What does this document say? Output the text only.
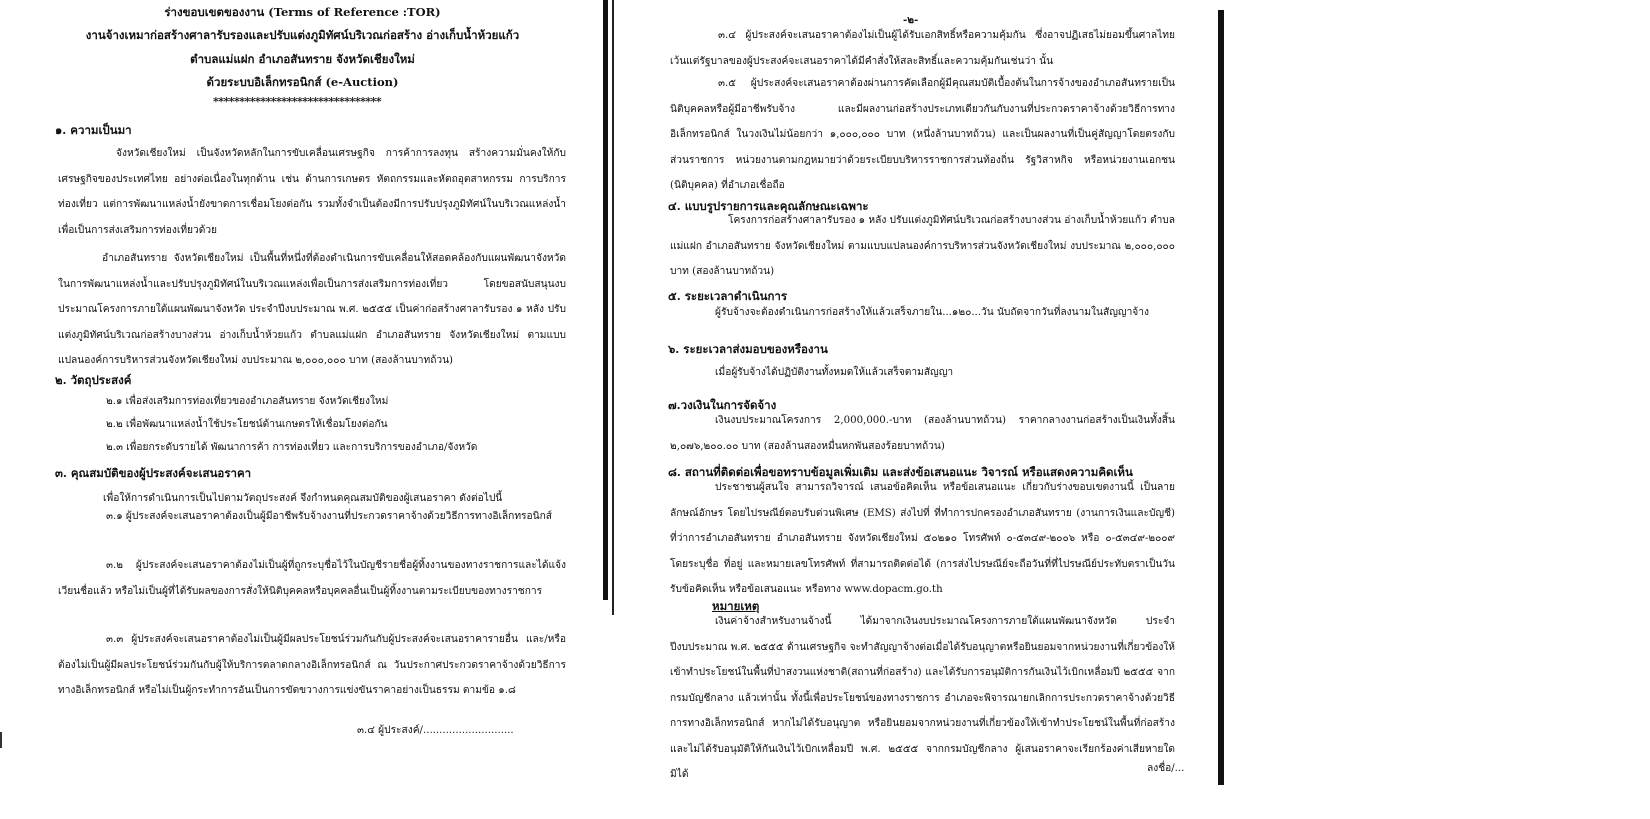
ร่างขอบเขตของงาน (Terms of Reference :TOR)
งานจ้างเหมาก่อสร้างศาลารับรองและปรับแต่งภูมิทัศน์บริเวณก่อสร้าง อ่างเก็บน้ำห้วยแก้ว
ตำบลแม่แฝก อำเภอสันทราย จังหวัดเชียงใหม่
ด้วยระบบอิเล็กทรอนิกส์ (e-Auction)
********************************
๑. ความเป็นมา
จังหวัดเชียงใหม่ เป็นจังหวัดหลักในการขับเคลื่อนเศรษฐกิจ การค้าการลงทุน สร้างความมั่นคงให้กับเศรษฐกิจของประเทศไทย อย่างต่อเนื่องในทุกด้าน เช่น ด้านการเกษตร หัตถกรรมและหัตถอุตสาหกรรม การบริการท่องเที่ยว แต่การพัฒนาแหล่งน้ำยังขาดการเชื่อมโยงต่อกัน รวมทั้งจำเป็นต้องมีการปรับปรุงภูมิทัศน์ในบริเวณแหล่งน้ำเพื่อเป็นการส่งเสริมการท่องเที่ยวด้วย
อำเภอสันทราย จังหวัดเชียงใหม่ เป็นพื้นที่หนึ่งที่ต้องดำเนินการขับเคลื่อนให้สอดคล้องกับแผนพัฒนาจังหวัด ในการพัฒนาแหล่งน้ำและปรับปรุงภูมิทัศน์ในบริเวณแหล่งเพื่อเป็นการส่งเสริมการท่องเที่ยว โดยขอสนับสนุนงบประมาณโครงการภายใต้แผนพัฒนาจังหวัด ประจำปีงบประมาณ พ.ศ. ๒๕๕๕ เป็นค่าก่อสร้างศาลารับรอง ๑ หลัง ปรับแต่งภูมิทัศน์บริเวณก่อสร้างบางส่วน อ่างเก็บน้ำห้วยแก้ว ตำบลแม่แฝก อำเภอสันทราย จังหวัดเชียงใหม่ ตามแบบแปลนองค์การบริหารส่วนจังหวัดเชียงใหม่ งบประมาณ ๒,๐๐๐,๐๐๐ บาท (สองล้านบาทถ้วน)
๒. วัตถุประสงค์
๒.๑ เพื่อส่งเสริมการท่องเที่ยวของอำเภอสันทราย จังหวัดเชียงใหม่
๒.๒ เพื่อพัฒนาแหล่งน้ำใช้ประโยชน์ด้านเกษตรให้เชื่อมโยงต่อกัน
๒.๓ เพื่อยกระดับรายได้ พัฒนาการค้า การท่องเที่ยว และการบริการของอำเภอ/จังหวัด
๓. คุณสมบัติของผู้ประสงค์จะเสนอราคา
เพื่อให้การดำเนินการเป็นไปตามวัตถุประสงค์ จึงกำหนดคุณสมบัติของผู้เสนอราคา ดังต่อไปนี้
๓.๑ ผู้ประสงค์จะเสนอราคาต้องเป็นผู้มีอาชีพรับจ้างงานที่ประกวดราคาจ้างด้วยวิธีการทางอิเล็กทรอนิกส์
๓.๒ ผู้ประสงค์จะเสนอราคาต้องไม่เป็นผู้ที่ถูกระบุชื่อไว้ในบัญชีรายชื่อผู้ทิ้งงานของทางราชการและได้แจ้งเวียนชื่อแล้ว หรือไม่เป็นผู้ที่ได้รับผลของการสั่งให้นิติบุคคลหรือบุคคลอื่นเป็นผู้ทิ้งงานตามระเบียบของทางราชการ
๓.๓ ผู้ประสงค์จะเสนอราคาต้องไม่เป็นผู้มีผลประโยชน์ร่วมกันกับผู้ประสงค์จะเสนอราคารายอื่น และ/หรือต้องไม่เป็นผู้มีผลประโยชน์ร่วมกันกับผู้ให้บริการตลาดกลางอิเล็กทรอนิกส์ ณ วันประกาศประกวดราคาจ้างด้วยวิธีการทางอิเล็กทรอนิกส์ หรือไม่เป็นผู้กระทำการอันเป็นการขัดขวางการแข่งขันราคาอย่างเป็นธรรม ตามข้อ ๑.๘
๓.๔ ผู้ประสงค์/............................
-๒-
๓.๔ ผู้ประสงค์จะเสนอราคาต้องไม่เป็นผู้ได้รับเอกสิทธิ์หรือความคุ้มกัน ซึ่งอาจปฏิเสธไม่ยอมขึ้นศาลไทยเว้นแต่รัฐบาลของผู้ประสงค์จะเสนอราคาได้มีคำสั่งให้สละสิทธิ์และความคุ้มกันเช่นว่า นั้น
๓.๕ ผู้ประสงค์จะเสนอราคาต้องผ่านการคัดเลือกผู้มีคุณสมบัติเบื้องต้นในการจ้างของอำเภอสันทรายเป็นนิติบุคคลหรือผู้มีอาชีพรับจ้าง และมีผลงานก่อสร้างประเภทเดียวกันกับงานที่ประกวดราคาจ้างด้วยวิธีการทางอิเล็กทรอนิกส์ ในวงเงินไม่น้อยกว่า ๑,๐๐๐,๐๐๐ บาท (หนึ่งล้านบาทถ้วน) และเป็นผลงานที่เป็นคู่สัญญาโดยตรงกับส่วนราชการ หน่วยงานตามกฎหมายว่าด้วยระเบียบบริหารราชการส่วนท้องถิ่น รัฐวิสาหกิจ หรือหน่วยงานเอกชน (นิติบุคคล) ที่อำเภอเชื่อถือ
๔. แบบรูปรายการและคุณลักษณะเฉพาะ
โครงการก่อสร้างศาลารับรอง ๑ หลัง ปรับแต่งภูมิทัศน์บริเวณก่อสร้างบางส่วน อ่างเก็บน้ำห้วยแก้ว ตำบลแม่แฝก อำเภอสันทราย จังหวัดเชียงใหม่ ตามแบบแปลนองค์การบริหารส่วนจังหวัดเชียงใหม่ งบประมาณ ๒,๐๐๐,๐๐๐ บาท (สองล้านบาทถ้วน)
๕. ระยะเวลาดำเนินการ
ผู้รับจ้างจะต้องดำเนินการก่อสร้างให้แล้วเสร็จภายใน...๑๒๐...วัน นับถัดจากวันที่ลงนามในสัญญาจ้าง
๖. ระยะเวลาส่งมอบของหรืองาน
เมื่อผู้รับจ้างได้ปฏิบัติงานทั้งหมดให้แล้วเสร็จตามสัญญา
๗.วงเงินในการจัดจ้าง
เงินงบประมาณโครงการ 2,000,000.-บาท (สองล้านบาทถ้วน) ราคากลางงานก่อสร้างเป็นเงินทั้งสิ้น ๒,๐๗๖,๒๐๐.๐๐ บาท (สองล้านสองหมื่นหกพันสองร้อยบาทถ้วน)
๘. สถานที่ติดต่อเพื่อขอทราบข้อมูลเพิ่มเติม และส่งข้อเสนอแนะ วิจารณ์ หรือแสดงความคิดเห็น
ประชาชนผู้สนใจ สามารถวิจารณ์ เสนอข้อคิดเห็น หรือข้อเสนอแนะ เกี่ยวกับร่างขอบเขตงานนี้ เป็นลายลักษณ์อักษร โดยไปรษณีย์ตอบรับด่วนพิเศษ (EMS) ส่งไปที่ ที่ทำการปกครองอำเภอสันทราย (งานการเงินและบัญชี) ที่ว่าการอำเภอสันทราย อำเภอสันทราย จังหวัดเชียงใหม่ ๕๐๒๑๐ โทรศัพท์ ๐-๕๓๔๙-๒๐๐๖ หรือ ๐-๕๓๔๙-๒๐๐๙ โดยระบุชื่อ ที่อยู่ และหมายเลขโทรศัพท์ ที่สามารถติดต่อได้ (การส่งไปรษณีย์จะถือวันที่ที่ไปรษณีย์ประทับตราเป็นวันรับข้อคิดเห็น หรือข้อเสนอแนะ หรือทาง www.dopacm.go.th
หมายเหตุ
เงินค่าจ้างสำหรับงานจ้างนี้ ได้มาจากเงินงบประมาณโครงการภายใต้แผนพัฒนาจังหวัด ประจำปีงบประมาณ พ.ศ. ๒๕๕๕ ด้านเศรษฐกิจ จะทำสัญญาจ้างต่อเมื่อได้รับอนุญาตหรือยินยอมจากหน่วยงานที่เกี่ยวข้องให้เข้าทำประโยชน์ในพื้นที่ป่าสงวนแห่งชาติ(สถานที่ก่อสร้าง) และได้รับการอนุมัติการกันเงินไว้เบิกเหลื่อมปี ๒๕๕๕ จากกรมบัญชีกลาง แล้วเท่านั้น ทั้งนี้เพื่อประโยชน์ของทางราชการ อำเภอจะพิจารณายกเลิกการประกวดราคาจ้างด้วยวิธีการทางอิเล็กทรอนิกส์ หากไม่ได้รับอนุญาต หรือยินยอมจากหน่วยงานที่เกี่ยวข้องให้เข้าทำประโยชน์ในพื้นที่ก่อสร้าง และไม่ได้รับอนุมัติให้กันเงินไว้เบิกเหลื่อมปี พ.ศ. ๒๕๕๕ จากกรมบัญชีกลาง ผู้เสนอราคาจะเรียกร้องค่าเสียหายใด มิได้
ลงชื่อ/...
